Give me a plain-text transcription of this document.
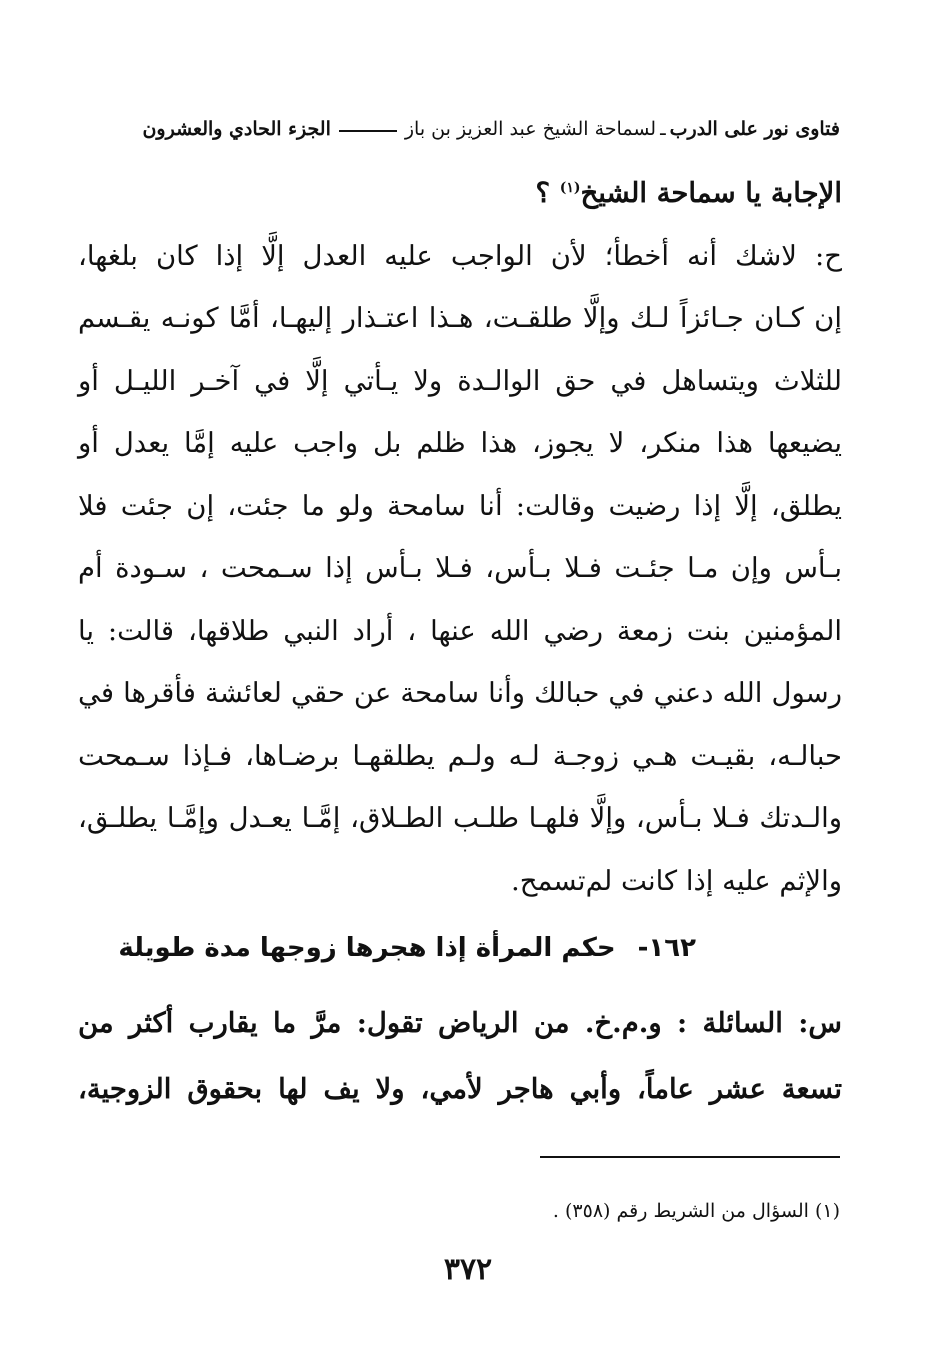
فتاوى نور على الدرب
ـ
لسماحة الشيخ عبد العزيز بن باز
الجزء الحادي والعشرون
الإجابة يا سماحة الشيخ$^{(١)}$ ؟
ح: لاشك أنه أخطأ؛ لأن الواجب عليه العدل إلَّا إذا كان بلغها،
إن كـان جـائزاً لـك وإلَّا طلقـت، هـذا اعتـذار إليهـا، أمَّا كونـه يقـسم
للثلاث ويتساهل في حق الوالـدة ولا يـأتي إلَّا في آخـر الليـل أو
يضيعها هذا منكر، لا يجوز، هذا ظلم بل واجب عليه إمَّا يعدل أو
يطلق، إلَّا إذا رضيت وقالت: أنا سامحة ولو ما جئت، إن جئت فلا
بـأس وإن مـا جئـت فـلا بـأس، فـلا بـأس إذا سـمحت ، سـودة أم
المؤمنين بنت زمعة رضي الله عنها ، أراد النبي طلاقها، قالت: يا
رسول الله دعني في حبالك وأنا سامحة عن حقي لعائشة فأقرها في
حبالـه، بقيـت هـي زوجـة لـه ولـم يطلقهـا برضـاها، فـإذا سـمحت
والـدتك فـلا بـأس، وإلَّا فلهـا طلـب الطـلاق، إمَّـا يعـدل وإمَّـا يطلـق،
والإثم عليه إذا كانت لم‌تسمح.
١٦٢-حكم المرأة إذا هجرها زوجها مدة طويلة
س: السائلة : و.م.خ. من الرياض تقول: مرَّ ما يقارب أكثر من
تسعة عشر عاماً، وأبي هاجر لأمي، ولا يف لها بحقوق الزوجية،
(١) السؤال من الشريط رقم (٣٥٨) .
٣٧٢
